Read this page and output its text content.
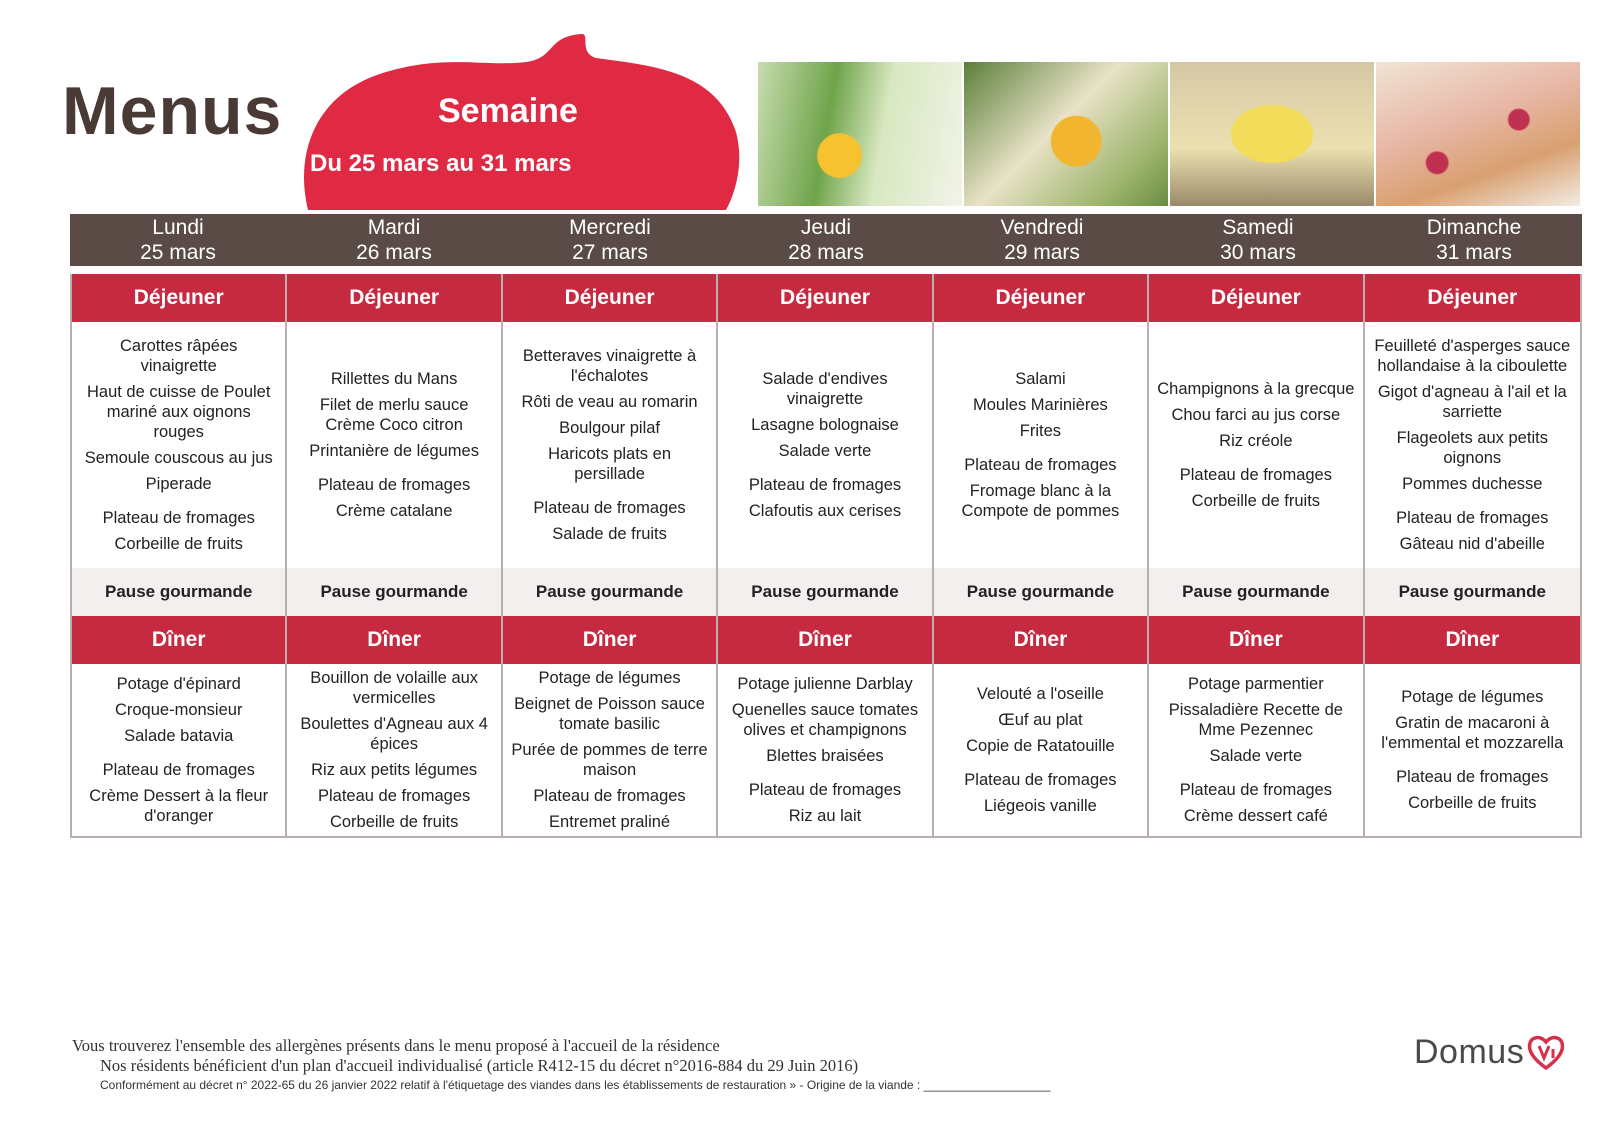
Menus	Semaine
Du 25 mars au 31 mars
Lundi
25 mars
Mardi
26 mars
Mercredi
27 mars
Jeudi
28 mars
Vendredi
29 mars
Samedi
30 mars
Dimanche
31 mars
Déjeuner
Carottes râpées vinaigrette
Haut de cuisse de Poulet mariné aux oignons rouges
Semoule couscous au jus
Piperade
Plateau de fromages
Corbeille de fruits
Pause gourmande
Dîner
Potage d'épinard
Croque-monsieur
Salade batavia
Plateau de fromages
Crème Dessert à la fleur d'oranger
Déjeuner
Rillettes du Mans
Filet de merlu sauce Crème Coco citron
Printanière de légumes
Plateau de fromages
Crème catalane
Pause gourmande
Dîner
Bouillon de volaille aux vermicelles
Boulettes d'Agneau aux 4 épices
Riz aux petits légumes
Plateau de fromages
Corbeille de fruits
Déjeuner
Betteraves vinaigrette à l'échalotes
Rôti de veau au romarin
Boulgour pilaf
Haricots plats en persillade
Plateau de fromages
Salade de fruits
Pause gourmande
Dîner
Potage de légumes
Beignet de Poisson sauce tomate basilic
Purée de pommes de terre maison
Plateau de fromages
Entremet praliné
Déjeuner
Salade d'endives vinaigrette
Lasagne bolognaise
Salade verte
Plateau de fromages
Clafoutis aux cerises
Pause gourmande
Dîner
Potage julienne Darblay
Quenelles sauce tomates olives et champignons
Blettes braisées
Plateau de fromages
Riz au lait
Déjeuner
Salami
Moules Marinières
Frites
Plateau de fromages
Fromage blanc à la Compote de pommes
Pause gourmande
Dîner
Velouté a l'oseille
Œuf au plat
Copie de Ratatouille
Plateau de fromages
Liégeois vanille
Déjeuner
Champignons à la grecque
Chou farci au jus corse
Riz créole
Plateau de fromages
Corbeille de fruits
Pause gourmande
Dîner
Potage parmentier
Pissaladière Recette de Mme Pezennec
Salade verte
Plateau de fromages
Crème dessert café
Déjeuner
Feuilleté d'asperges sauce hollandaise à la ciboulette
Gigot d'agneau à l'ail et la sarriette
Flageolets aux petits oignons
Pommes duchesse
Plateau de fromages
Gâteau nid d'abeille
Pause gourmande
Dîner
Potage de légumes
Gratin de macaroni à l'emmental et mozzarella
Plateau de fromages
Corbeille de fruits
Vous trouverez l'ensemble des allergènes présents dans le menu proposé à l'accueil de la résidence
Nos résidents bénéficient d'un plan d'accueil individualisé (article R412-15 du décret n°2016-884 du 29 Juin 2016)
Conformément au décret n° 2022-65 du 26 janvier 2022 relatif à l'étiquetage des viandes dans les établissements de restauration » - Origine de la viande : ___________________
Domus
